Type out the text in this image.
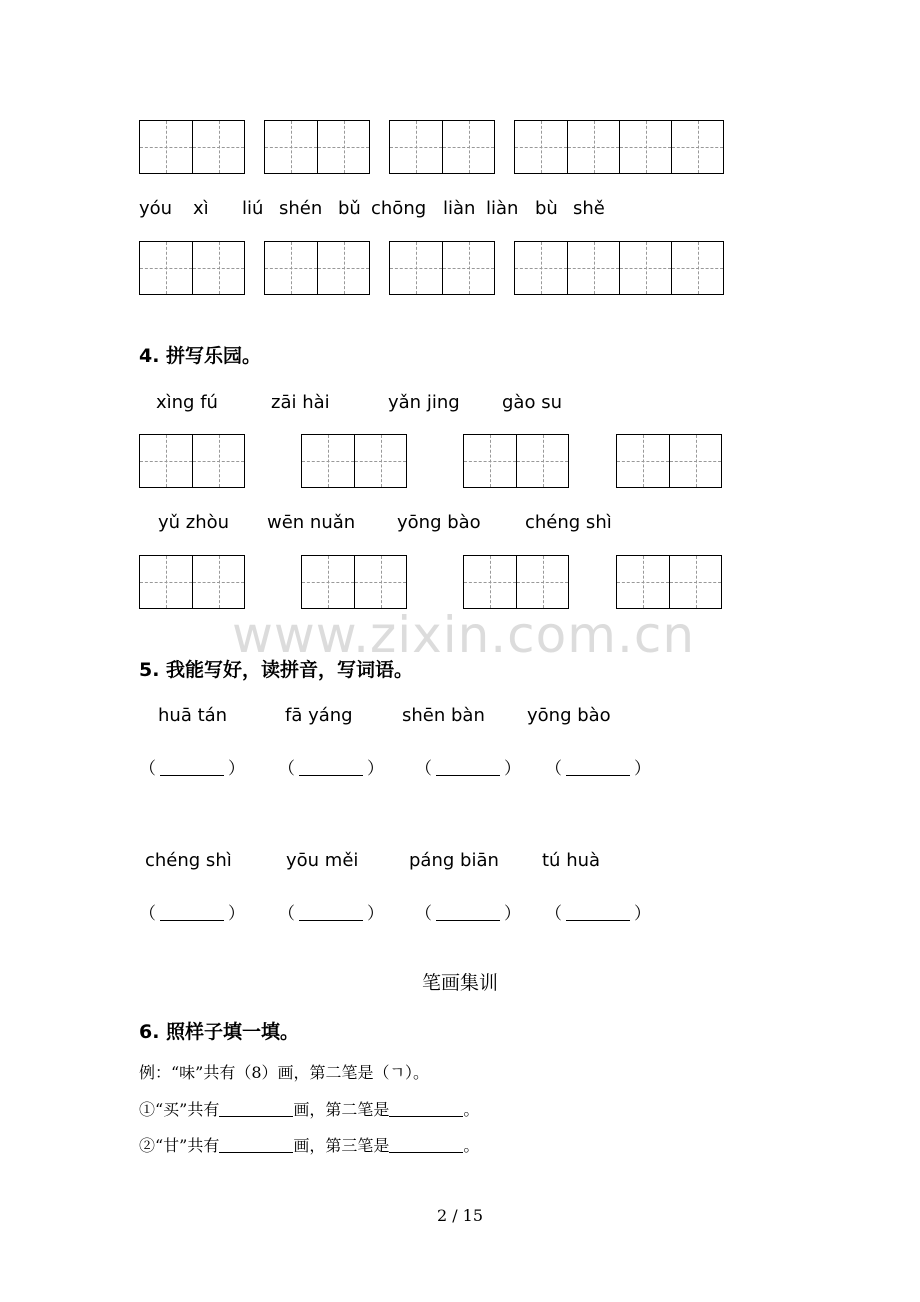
yóu xì liú shén bǔ chōng liàn liàn bù shě
4. 拼写乐园。
xìng fú	zāi hài	yǎn jing gào su
yǔ zhòu wēn nuǎn yōng bào chéng shì
www.zixin.com.cn
5. 我能写好，读拼音，写词语。
huā tán	fā yáng	shēn bàn yōng bào
（	） （	） （	） （	）
chéng shì	yōu měi	páng biān tú huà
（	） （	） （	） （	）
笔画集训
6. 照样子填一填。
例：“味”共有（8）画，第二笔是（ㄱ）。
①“买”共有	画，第二笔是	。
②“甘”共有	画，第三笔是	。
2 / 15
